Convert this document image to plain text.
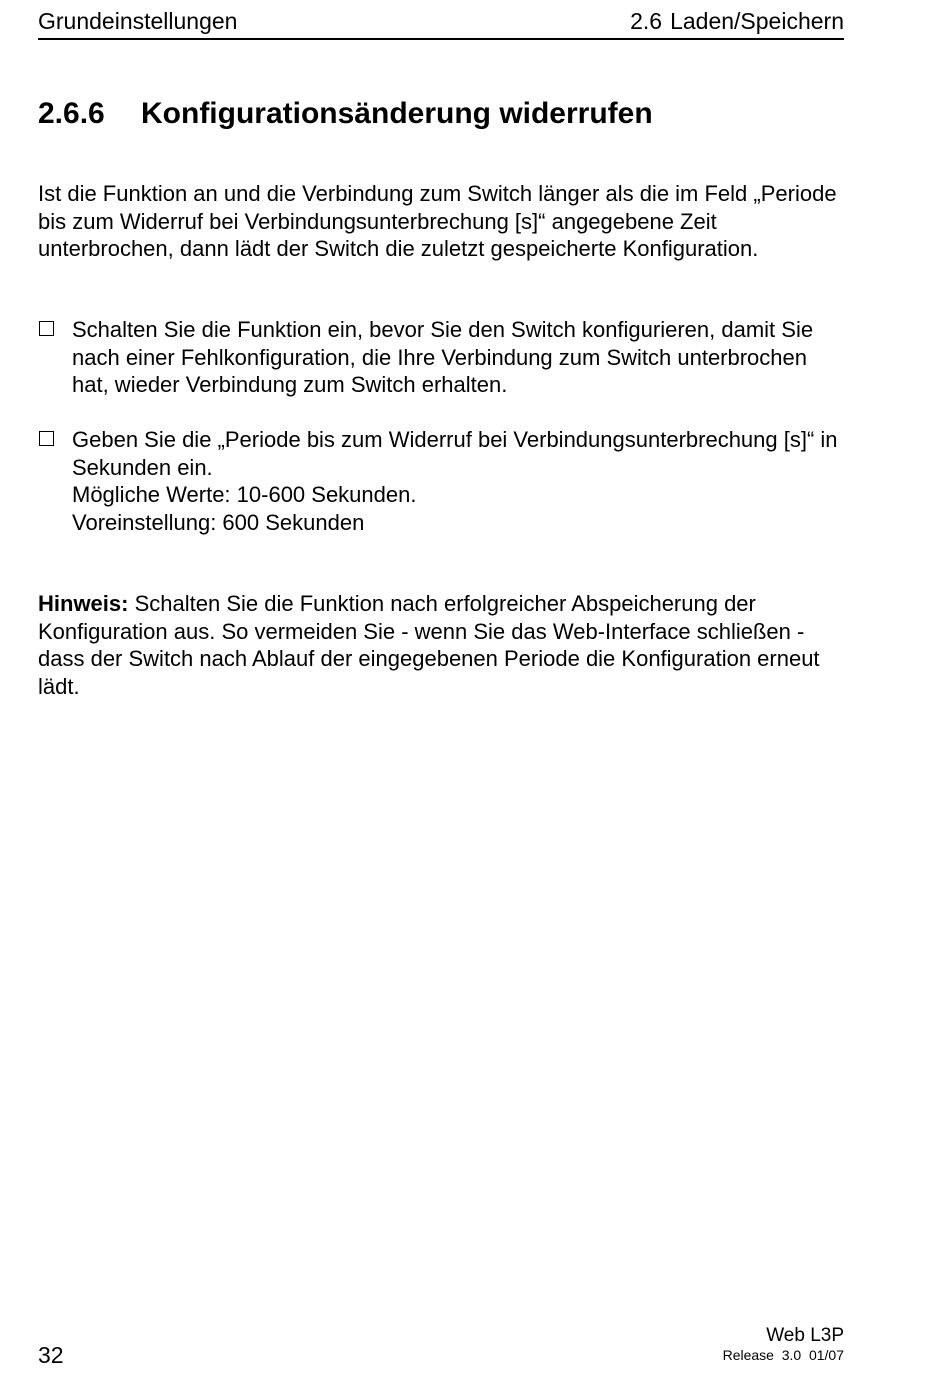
Grundeinstellungen	2.6 Laden/Speichern
2.6.6 Konfigurationsänderung widerrufen

Ist die Funktion an und die Verbindung zum Switch länger als die im Feld „Periode bis zum Widerruf bei Verbindungsunterbrechung [s]“ angegebene Zeit unterbrochen, dann lädt der Switch die zuletzt gespeicherte Konfiguration.

Schalten Sie die Funktion ein, bevor Sie den Switch konfigurieren, damit Sie nach einer Fehlkonfiguration, die Ihre Verbindung zum Switch unterbrochen hat, wieder Verbindung zum Switch erhalten.
Geben Sie die „Periode bis zum Widerruf bei Verbindungsunterbrechung [s]“ in Sekunden ein.
Mögliche Werte: 10-600 Sekunden.
Voreinstellung: 600 Sekunden

Hinweis: Schalten Sie die Funktion nach erfolgreicher Abspeicherung der Konfiguration aus. So vermeiden Sie - wenn Sie das Web-Interface schließen - dass der Switch nach Ablauf der eingegebenen Periode die Konfiguration erneut lädt.

32
Web L3P
Release  3.0  01/07
